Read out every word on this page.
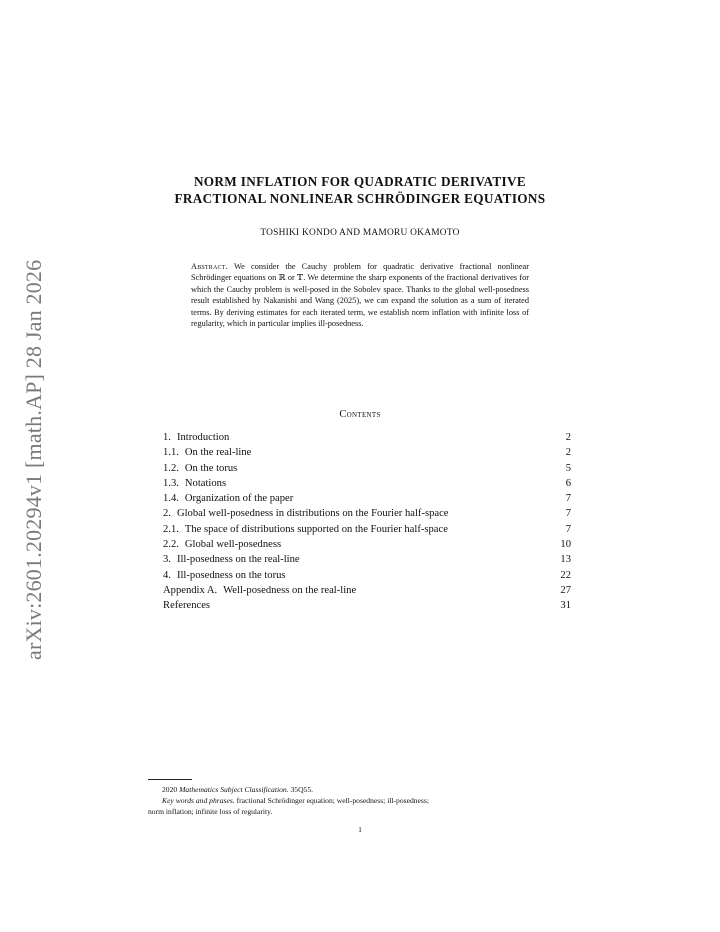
arXiv:2601.20294v1 [math.AP] 28 Jan 2026
NORM INFLATION FOR QUADRATIC DERIVATIVE
FRACTIONAL NONLINEAR SCHRÖDINGER EQUATIONS
TOSHIKI KONDO AND MAMORU OKAMOTO
Abstract. We consider the Cauchy problem for quadratic derivative fractional nonlinear Schrödinger equations on ℝ or 𝕋. We determine the sharp exponents of the fractional derivatives for which the Cauchy problem is well-posed in the Sobolev space. Thanks to the global well-posedness result established by Nakanishi and Wang (2025), we can expand the solution as a sum of iterated terms. By deriving estimates for each iterated term, we establish norm inflation with infinite loss of regularity, which in particular implies ill-posedness.
Contents
1. Introduction	2
1.1. On the real-line	2
1.2. On the torus	5
1.3. Notations	6
1.4. Organization of the paper	7
2. Global well-posedness in distributions on the Fourier half-space	7
2.1. The space of distributions supported on the Fourier half-space	7
2.2. Global well-posedness	10
3. Ill-posedness on the real-line	13
4. Ill-posedness on the torus	22
Appendix A. Well-posedness on the real-line	27
References	31
2020 Mathematics Subject Classification. 35Q55.
Key words and phrases. fractional Schrödinger equation; well-posedness; ill-posedness;
norm inflation; infinite loss of regularity.
1
